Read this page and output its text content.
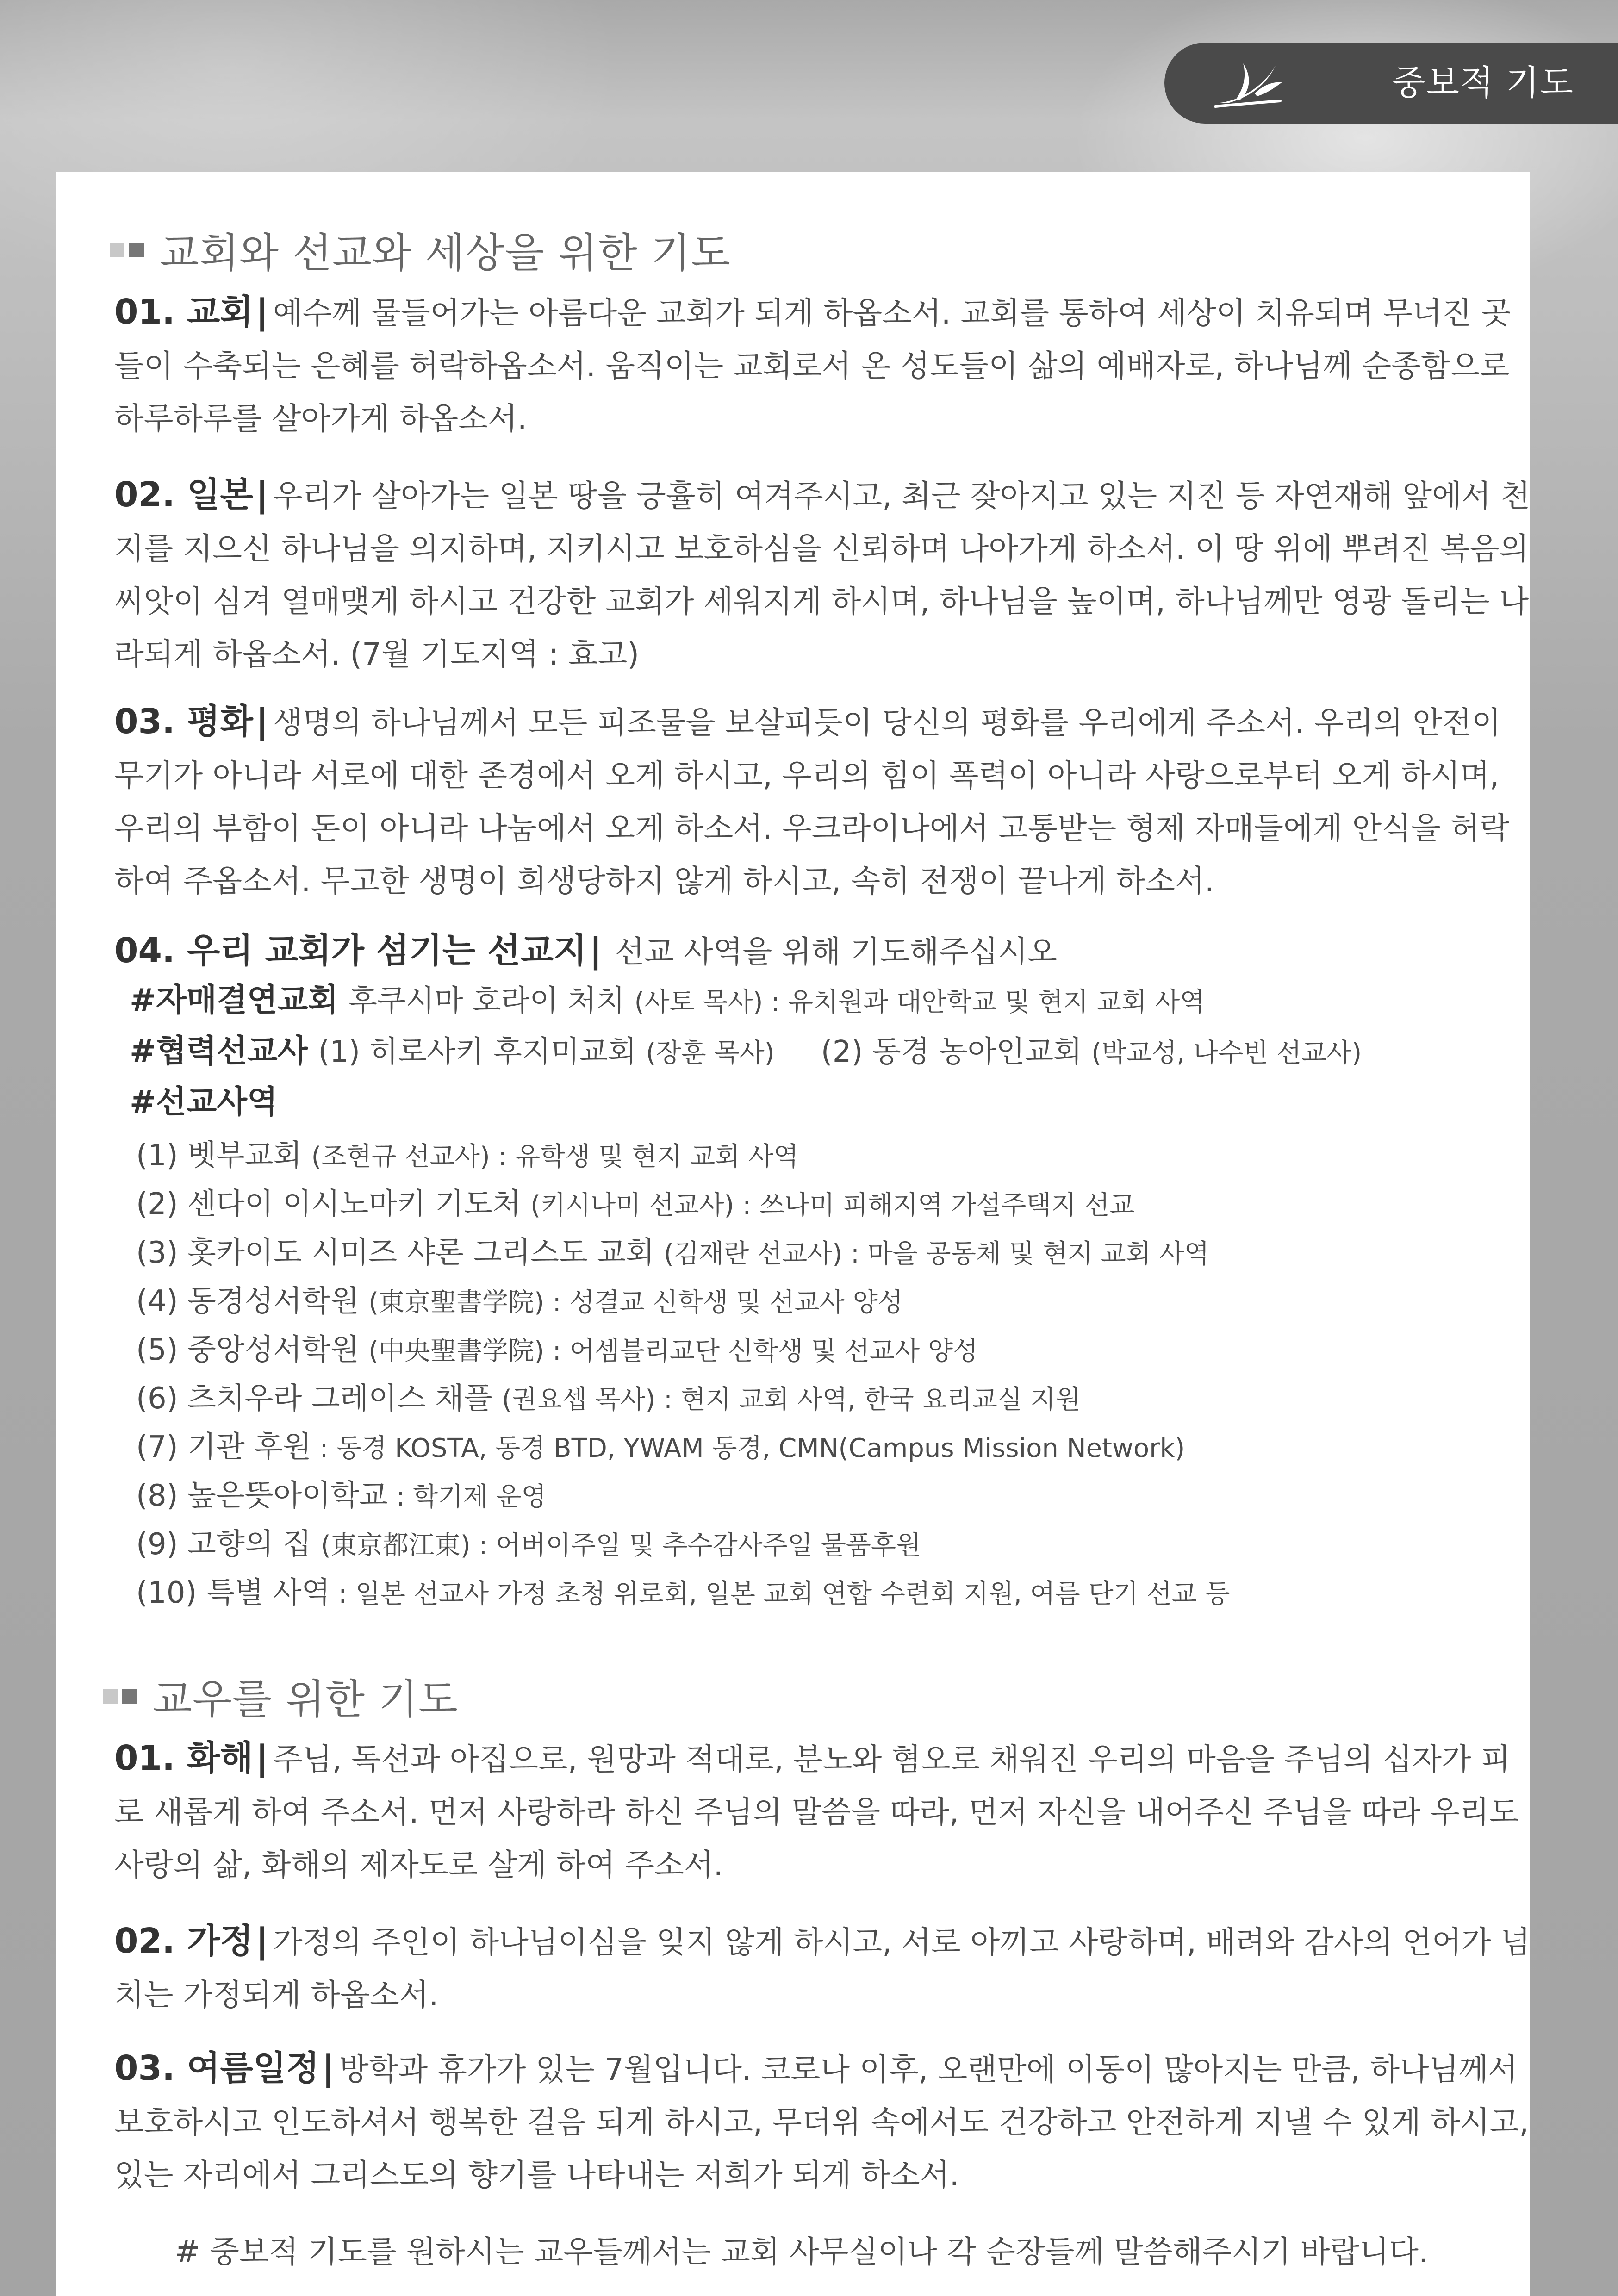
중보적 기도
교회와 선교와 세상을 위한 기도
01. 교회| 예수께 물들어가는 아름다운 교회가 되게 하옵소서. 교회를 통하여 세상이 치유되며 무너진 곳들이 수축되는 은혜를 허락하옵소서. 움직이는 교회로서 온 성도들이 삶의 예배자로, 하나님께 순종함으로 하루하루를 살아가게 하옵소서.
02. 일본| 우리가 살아가는 일본 땅을 긍휼히 여겨주시고, 최근 잦아지고 있는 지진 등 자연재해 앞에서 천지를 지으신 하나님을 의지하며, 지키시고 보호하심을 신뢰하며 나아가게 하소서. 이 땅 위에 뿌려진 복음의 씨앗이 심겨 열매맺게 하시고 건강한 교회가 세워지게 하시며, 하나님을 높이며, 하나님께만 영광 돌리는 나라되게 하옵소서. (7월 기도지역 : 효고)
03. 평화| 생명의 하나님께서 모든 피조물을 보살피듯이 당신의 평화를 우리에게 주소서. 우리의 안전이 무기가 아니라 서로에 대한 존경에서 오게 하시고, 우리의 힘이 폭력이 아니라 사랑으로부터 오게 하시며, 우리의 부함이 돈이 아니라 나눔에서 오게 하소서. 우크라이나에서 고통받는 형제 자매들에게 안식을 허락하여 주옵소서. 무고한 생명이 희생당하지 않게 하시고, 속히 전쟁이 끝나게 하소서.
04. 우리 교회가 섬기는 선교지| 선교 사역을 위해 기도해주십시오
#자매결연교회 후쿠시마 호라이 처치 (사토 목사) : 유치원과 대안학교 및 현지 교회 사역
#협력선교사 (1) 히로사키 후지미교회 (장훈 목사) (2) 동경 농아인교회 (박교성, 나수빈 선교사)
#선교사역
(1) 벳부교회 (조현규 선교사) : 유학생 및 현지 교회 사역
(2) 센다이 이시노마키 기도처 (키시나미 선교사) : 쓰나미 피해지역 가설주택지 선교
(3) 홋카이도 시미즈 샤론 그리스도 교회 (김재란 선교사) : 마을 공동체 및 현지 교회 사역
(4) 동경성서학원 (東京聖書学院) : 성결교 신학생 및 선교사 양성
(5) 중앙성서학원 (中央聖書学院) : 어셈블리교단 신학생 및 선교사 양성
(6) 츠치우라 그레이스 채플 (권요셉 목사) : 현지 교회 사역, 한국 요리교실 지원
(7) 기관 후원 : 동경 KOSTA, 동경 BTD, YWAM 동경, CMN(Campus Mission Network)
(8) 높은뜻아이학교 : 학기제 운영
(9) 고향의 집 (東京都江東) : 어버이주일 및 추수감사주일 물품후원
(10) 특별 사역 : 일본 선교사 가정 초청 위로회, 일본 교회 연합 수련회 지원, 여름 단기 선교 등
교우를 위한 기도
01. 화해| 주님, 독선과 아집으로, 원망과 적대로, 분노와 혐오로 채워진 우리의 마음을 주님의 십자가 피로 새롭게 하여 주소서. 먼저 사랑하라 하신 주님의 말씀을 따라, 먼저 자신을 내어주신 주님을 따라 우리도 사랑의 삶, 화해의 제자도로 살게 하여 주소서.
02. 가정| 가정의 주인이 하나님이심을 잊지 않게 하시고, 서로 아끼고 사랑하며, 배려와 감사의 언어가 넘치는 가정되게 하옵소서.
03. 여름일정| 방학과 휴가가 있는 7월입니다. 코로나 이후, 오랜만에 이동이 많아지는 만큼, 하나님께서 보호하시고 인도하셔서 행복한 걸음 되게 하시고, 무더위 속에서도 건강하고 안전하게 지낼 수 있게 하시고, 있는 자리에서 그리스도의 향기를 나타내는 저희가 되게 하소서.
# 중보적 기도를 원하시는 교우들께서는 교회 사무실이나 각 순장들께 말씀해주시기 바랍니다.
